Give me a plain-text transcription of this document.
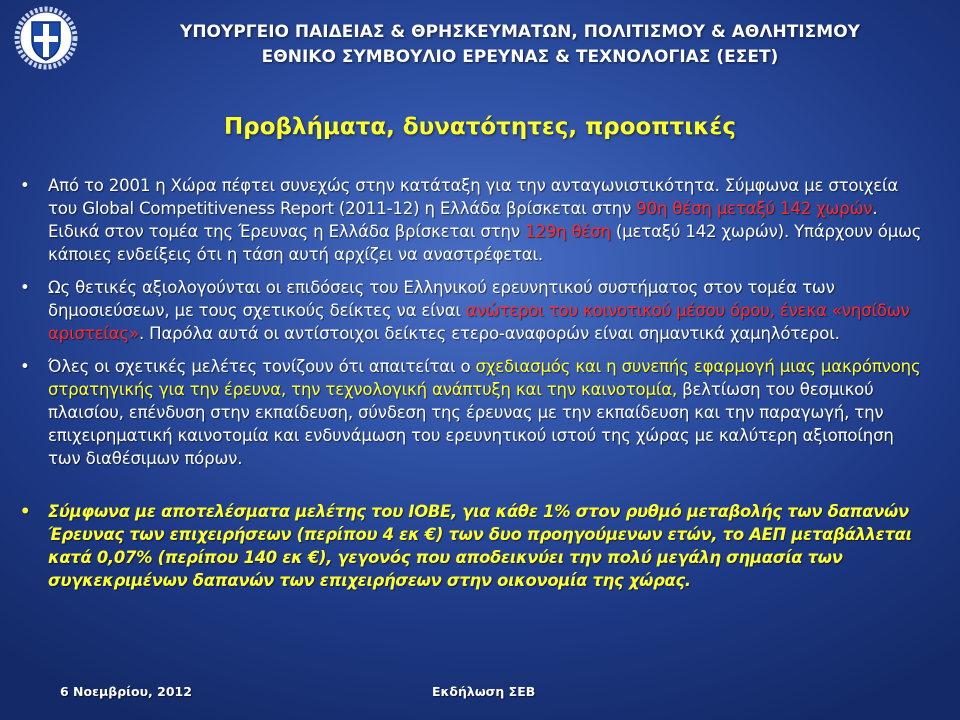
ΥΠΟΥΡΓΕΙΟ ΠΑΙΔΕΙΑΣ & ΘΡΗΣΚΕΥΜΑΤΩΝ, ΠΟΛΙΤΙΣΜΟΥ & ΑΘΛΗΤΙΣΜΟΥ
ΕΘΝΙΚΟ ΣΥΜΒΟΥΛΙΟ ΕΡΕΥΝΑΣ & ΤΕΧΝΟΛΟΓΙΑΣ (ΕΣΕΤ)
Προβλήματα, δυνατότητες, προοπτικές
•	Από το 2001 η Χώρα πέφτει συνεχώς στην κατάταξη για την ανταγωνιστικότητα. Σύμφωνα με στοιχεία του Global Competitiveness Report (2011-12) η Ελλάδα βρίσκεται στην 90η θέση μεταξύ 142 χωρών. Ειδικά στον τομέα της Έρευνας η Ελλάδα βρίσκεται στην 129η θέση (μεταξύ 142 χωρών). Υπάρχουν όμως κάποιες ενδείξεις ότι η τάση αυτή αρχίζει να αναστρέφεται.
•	Ως θετικές αξιολογούνται οι επιδόσεις του Ελληνικού ερευνητικού συστήματος στον τομέα των δημοσιεύσεων, με τους σχετικούς δείκτες να είναι ανώτεροι του κοινοτικού μέσου όρου, ένεκα «νησίδων αριστείας». Παρόλα αυτά οι αντίστοιχοι δείκτες ετερο-αναφορών είναι σημαντικά χαμηλότεροι.
•	Όλες οι σχετικές μελέτες τονίζουν ότι απαιτείται ο σχεδιασμός και η συνεπής εφαρμογή μιας μακρόπνοης στρατηγικής για την έρευνα, την τεχνολογική ανάπτυξη και την καινοτομία, βελτίωση του θεσμικού πλαισίου, επένδυση στην εκπαίδευση, σύνδεση της έρευνας με την εκπαίδευση και την παραγωγή, την επιχειρηματική καινοτομία και ενδυνάμωση του ερευνητικού ιστού της χώρας με καλύτερη αξιοποίηση των διαθέσιμων πόρων.
•	Σύμφωνα με αποτελέσματα μελέτης του ΙΟΒΕ, για κάθε 1% στον ρυθμό μεταβολής των δαπανών Έρευνας των επιχειρήσεων (περίπου 4 εκ €) των δυο προηγούμενων ετών, το ΑΕΠ μεταβάλλεται κατά 0,07% (περίπου 140 εκ €), γεγονός που αποδεικνύει την πολύ μεγάλη σημασία των συγκεκριμένων δαπανών των επιχειρήσεων στην οικονομία της χώρας.
6 Νοεμβρίου, 2012	Εκδήλωση ΣΕΒ
